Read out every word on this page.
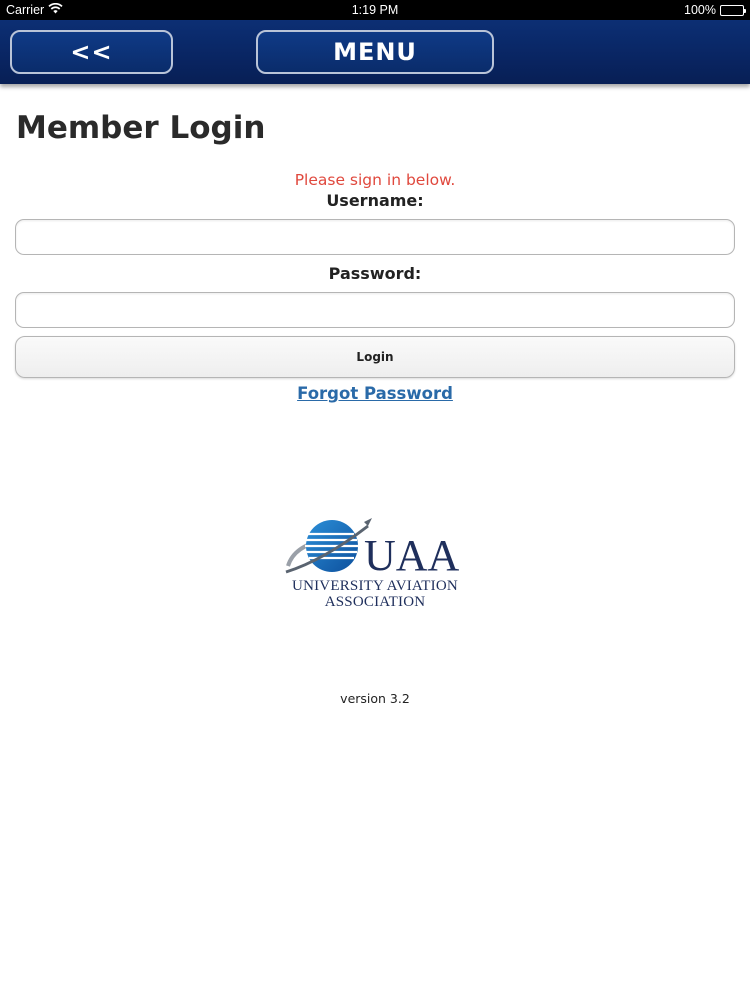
Carrier	1:19 PM	100%
<<	MENU
Member Login
Please sign in below.
Username:
Password:
Login
Forgot Password
UAA
UNIVERSITY AVIATION
ASSOCIATION
version 3.2
